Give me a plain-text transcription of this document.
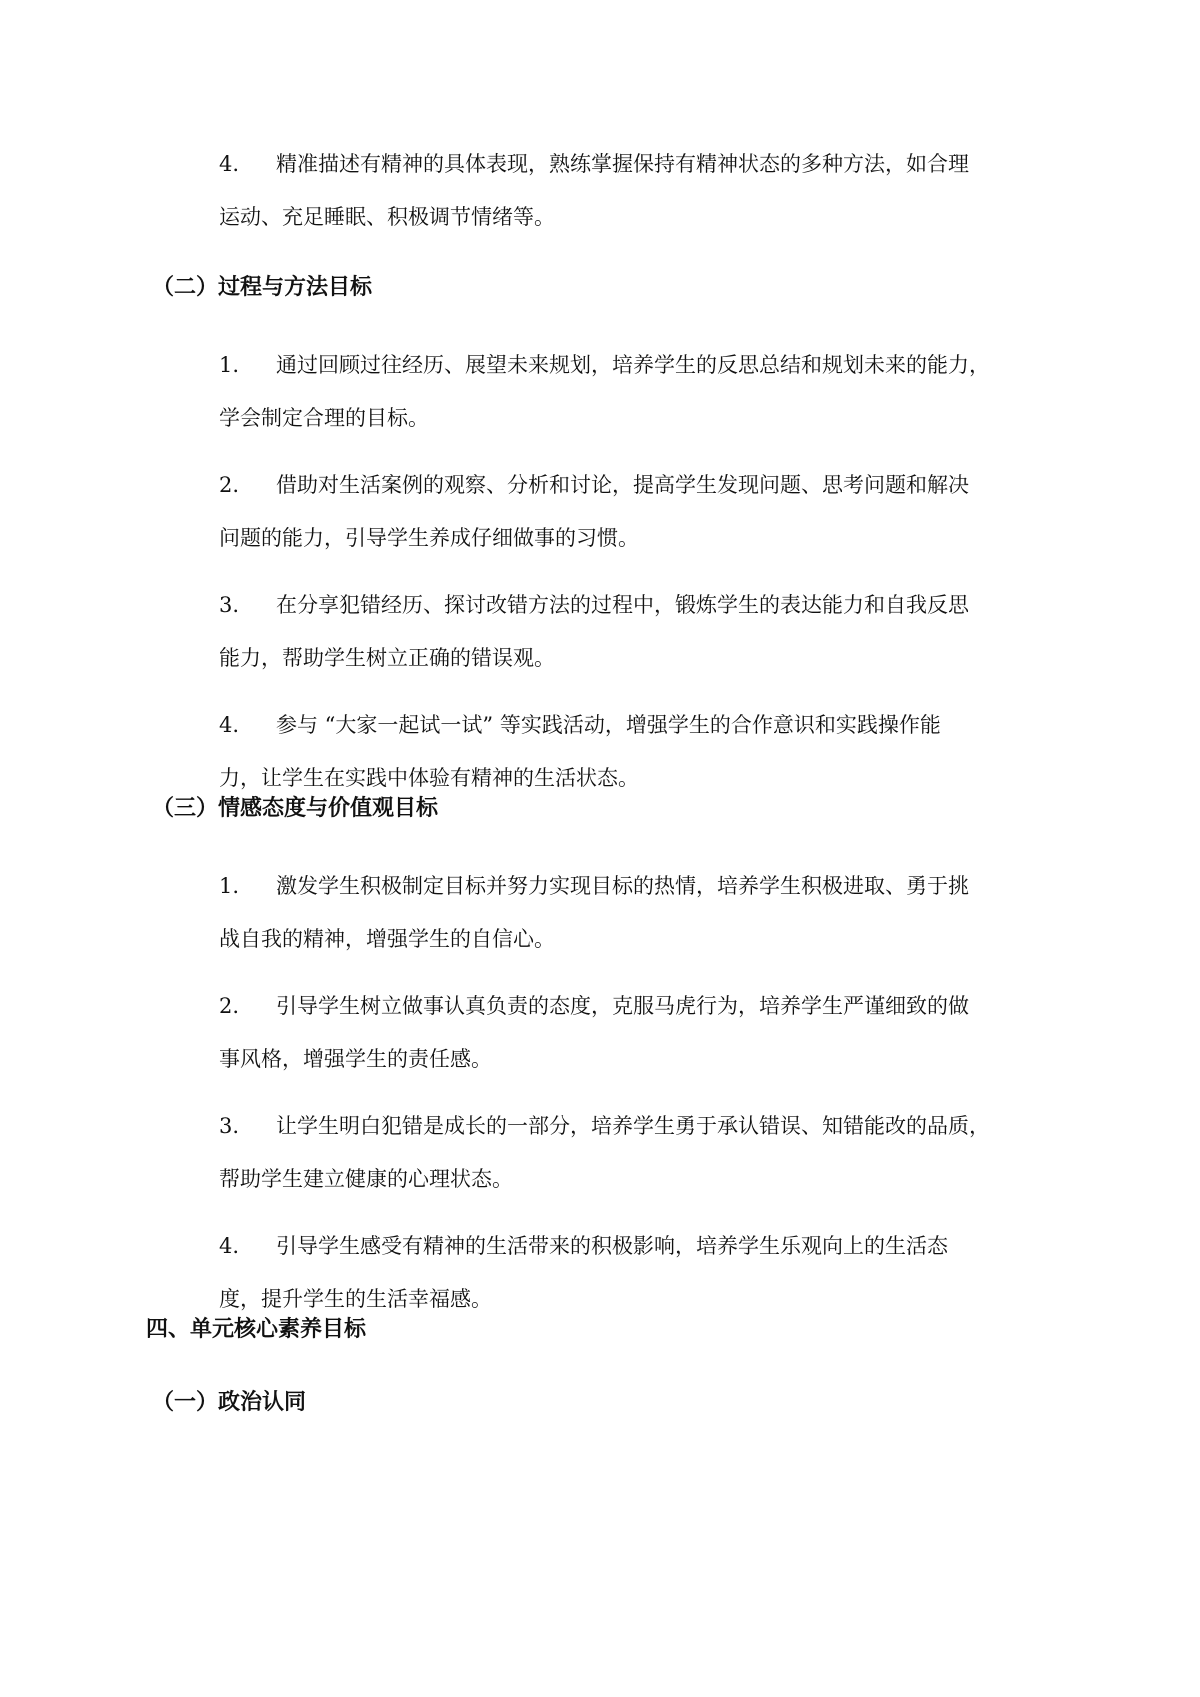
4.	精准描述有精神的具体表现，熟练掌握保持有精神状态的多种方法，如合理
运动、充足睡眠、积极调节情绪等。
（二）过程与方法目标
1.	通过回顾过往经历、展望未来规划，培养学生的反思总结和规划未来的能力，
学会制定合理的目标。
2.	借助对生活案例的观察、分析和讨论，提高学生发现问题、思考问题和解决
问题的能力，引导学生养成仔细做事的习惯。
3.	在分享犯错经历、探讨改错方法的过程中，锻炼学生的表达能力和自我反思
能力，帮助学生树立正确的错误观。
4.	参与 “大家一起试一试” 等实践活动，增强学生的合作意识和实践操作能
力，让学生在实践中体验有精神的生活状态。
（三）情感态度与价值观目标
1.	激发学生积极制定目标并努力实现目标的热情，培养学生积极进取、勇于挑
战自我的精神，增强学生的自信心。
2.	引导学生树立做事认真负责的态度，克服马虎行为，培养学生严谨细致的做
事风格，增强学生的责任感。
3.	让学生明白犯错是成长的一部分，培养学生勇于承认错误、知错能改的品质，
帮助学生建立健康的心理状态。
4.	引导学生感受有精神的生活带来的积极影响，培养学生乐观向上的生活态
度，提升学生的生活幸福感。
四、单元核心素养目标
（一）政治认同
